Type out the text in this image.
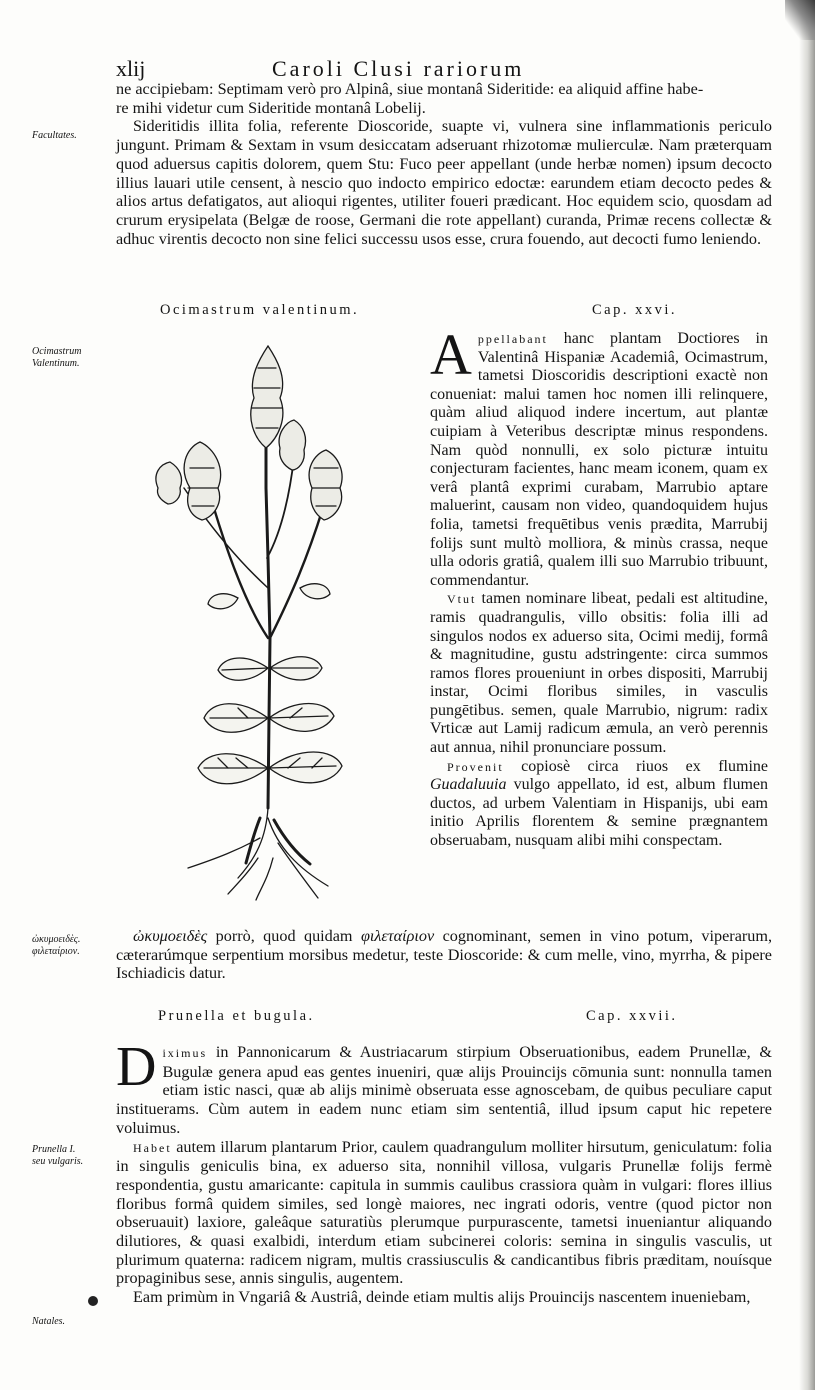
xlij	Caroli Clusi rariorum

ne accipiebam: Septimam verò pro Alpinâ, siue montanâ Sideritide: ea aliquid affine habe-

re mihi videtur cum Sideritide montanâ Lobelij.

Sideritidis illita folia, referente Dioscoride, suapte vi, vulnera sine inflammationis periculo jungunt. Primam & Sextam in vsum desiccatam adseruant rhizotomæ mulierculæ. Nam præterquam quod aduersus capitis dolorem, quem Stu: Fuco peer appellant (unde herbæ nomen) ipsum decocto illius lauari utile censent, à nescio quo indocto empirico edoctæ: earundem etiam decocto pedes & alios artus defatigatos, aut alioqui rigentes, utiliter foueri prædicant. Hoc equidem scio, quosdam ad crurum erysipelata (Belgæ de roose, Germani die rote appellant) curanda, Primæ recens collectæ & adhuc virentis decocto non sine felici successu usos esse, crura fouendo, aut decocti fumo leniendo.

Facultates.
Ocimastrum valentinum.	Cap. xxvi.
Ocimastrum
Valentinum.	Appellabant hanc plantam Doctiores in Valentinâ Hispaniæ Academiâ, Ocimastrum, tametsi Dioscoridis descriptioni exactè non conueniat: malui tamen hoc nomen illi relinquere, quàm aliud aliquod indere incertum, aut plantæ cuipiam à Veteribus descriptæ minus respondens. Nam quòd nonnulli, ex solo picturæ intuitu conjecturam facientes, hanc meam iconem, quam ex verâ plantâ exprimi curabam, Marrubio aptare maluerint, causam non video, quandoquidem hujus folia, tametsi frequētibus venis prædita, Marrubij folijs sunt multò molliora, & minùs crassa, neque ulla odoris gratiâ, qualem illi suo Marrubio tribuunt, commendantur.

Vtut tamen nominare libeat, pedali est altitudine, ramis quadrangulis, villo obsitis: folia illi ad singulos nodos ex aduerso sita, Ocimi medij, formâ & magnitudine, gustu adstringente: circa summos ramos flores proueniunt in orbes dispositi, Marrubij instar, Ocimi floribus similes, in vasculis pungētibus. semen, quale Marrubio, nigrum: radix Vrticæ aut Lamij radicum æmula, an verò perennis aut annua, nihil pronunciare possum.

Provenit copiosè circa riuos ex flumine Guadaluuia vulgo appellato, id est, album flumen ductos, ad urbem Valentiam in Hispanijs, ubi eam initio Aprilis florentem & semine prægnantem obseruabam, nusquam alibi mihi conspectam.

ὠκυμοειδὲς porrò, quod quidam φιλεταίριον cognominant, semen in vino potum, viperarum, cæterarúmque serpentium morsibus medetur, teste Dioscoride: & cum melle, vino, myrrha, & pipere Ischiadicis datur.

ὠκυμοειδὲς.
φιλεταίριον.
Prunella et bugula.	Cap. xxvii.

Diximus in Pannonicarum & Austriacarum stirpium Obseruationibus, eadem Prunellæ, & Bugulæ genera apud eas gentes inueniri, quæ alijs Prouincijs cōmunia sunt: nonnulla tamen etiam istic nasci, quæ ab alijs minimè obseruata esse agnoscebam, de quibus peculiare caput instituerams. Cùm autem in eadem nunc etiam sim sententiâ, illud ipsum caput hic repetere voluimus.

Habet autem illarum plantarum Prior, caulem quadrangulum molliter hirsutum, geniculatum: folia in singulis geniculis bina, ex aduerso sita, nonnihil villosa, vulgaris Prunellæ folijs fermè respondentia, gustu amaricante: capitula in summis caulibus crassiora quàm in vulgari: flores illius floribus formâ quidem similes, sed longè maiores, nec ingrati odoris, ventre (quod pictor non obseruauit) laxiore, galeâque saturatiùs plerumque purpurascente, tametsi inueniantur aliquando dilutiores, & quasi exalbidi, interdum etiam subcinerei coloris: semina in singulis vasculis, ut plurimum quaterna: radicem nigram, multis crassiusculis & candicantibus fibris præditam, nouísque propaginibus sese, annis singulis, augentem.

Eam primùm in Vngariâ & Austriâ, deinde etiam multis alijs Prouincijs nascentem inueniebam,

Prunella I.
seu vulgaris.
Natales.
